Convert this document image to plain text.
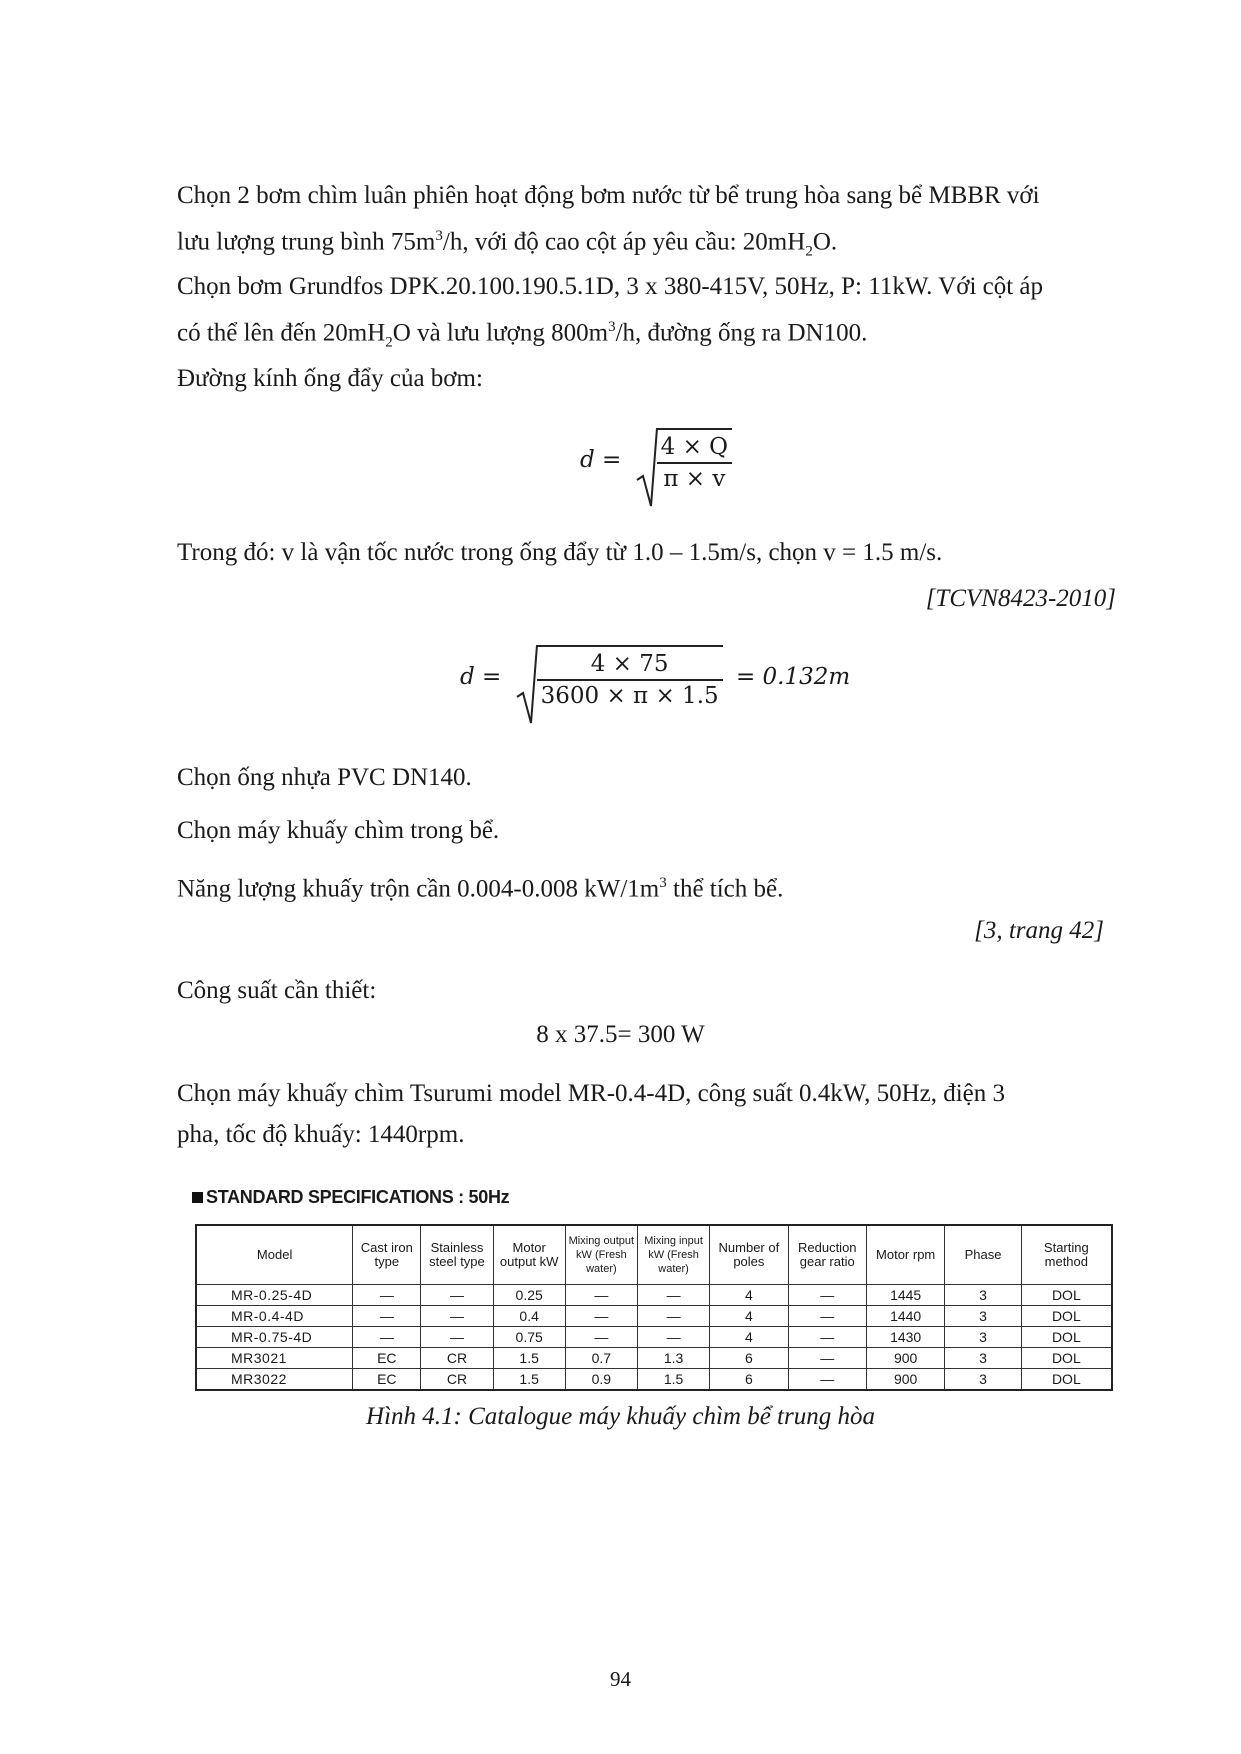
Chọn 2 bơm chìm luân phiên hoạt động bơm nước từ bể trung hòa sang bể MBBR với
lưu lượng trung bình $75m^3/h$, với độ cao cột áp yêu cầu: $20mH_2O$.

Chọn bơm Grundfos DPK.20.100.190.5.1D, 3 x 380-415V, 50Hz, P: 11kW. Với cột áp
có thể lên đến $20mH_2O$ và lưu lượng $800m^3/h$, đường ống ra DN100.

Đường kính ống đẩy của bơm:

$d = \frac{4 \times Q}{\pi \times v}$

Trong đó: v là vận tốc nước trong ống đẩy từ 1.0 – 1.5m/s, chọn v = 1.5 m/s.

[TCVN8423-2010]

$d = \frac{4 \times 75}{3600 \times \pi \times 1.5} = 0.132m$

Chọn ống nhựa PVC DN140.

Chọn máy khuấy chìm trong bể.

Năng lượng khuấy trộn cần 0.004-0.008 $kW/1m^3$ thể tích bể.

[3, trang 42]

Công suất cần thiết:

8 x 37.5= 300 W

Chọn máy khuấy chìm Tsurumi model MR-0.4-4D, công suất 0.4kW, 50Hz, điện 3
pha, tốc độ khuấy: 1440rpm.

STANDARD SPECIFICATIONS : 50Hz
Model	Cast iron type	Stainless steel type	Motor output kW	Mixing output kW (Fresh water)	Mixing input kW (Fresh water)	Number of poles	Reduction gear ratio	Motor rpm	Phase	Starting method
MR-0.25-4D	—	—	0.25	—	—	4	—	1445	3	DOL
MR-0.4-4D	—	—	0.4	—	—	4	—	1440	3	DOL
MR-0.75-4D	—	—	0.75	—	—	4	—	1430	3	DOL
MR3021	EC	CR	1.5	0.7	1.3	6	—	900	3	DOL
MR3022	EC	CR	1.5	0.9	1.5	6	—	900	3	DOL
Hình 4.1: Catalogue máy khuấy chìm bể trung hòa
94
